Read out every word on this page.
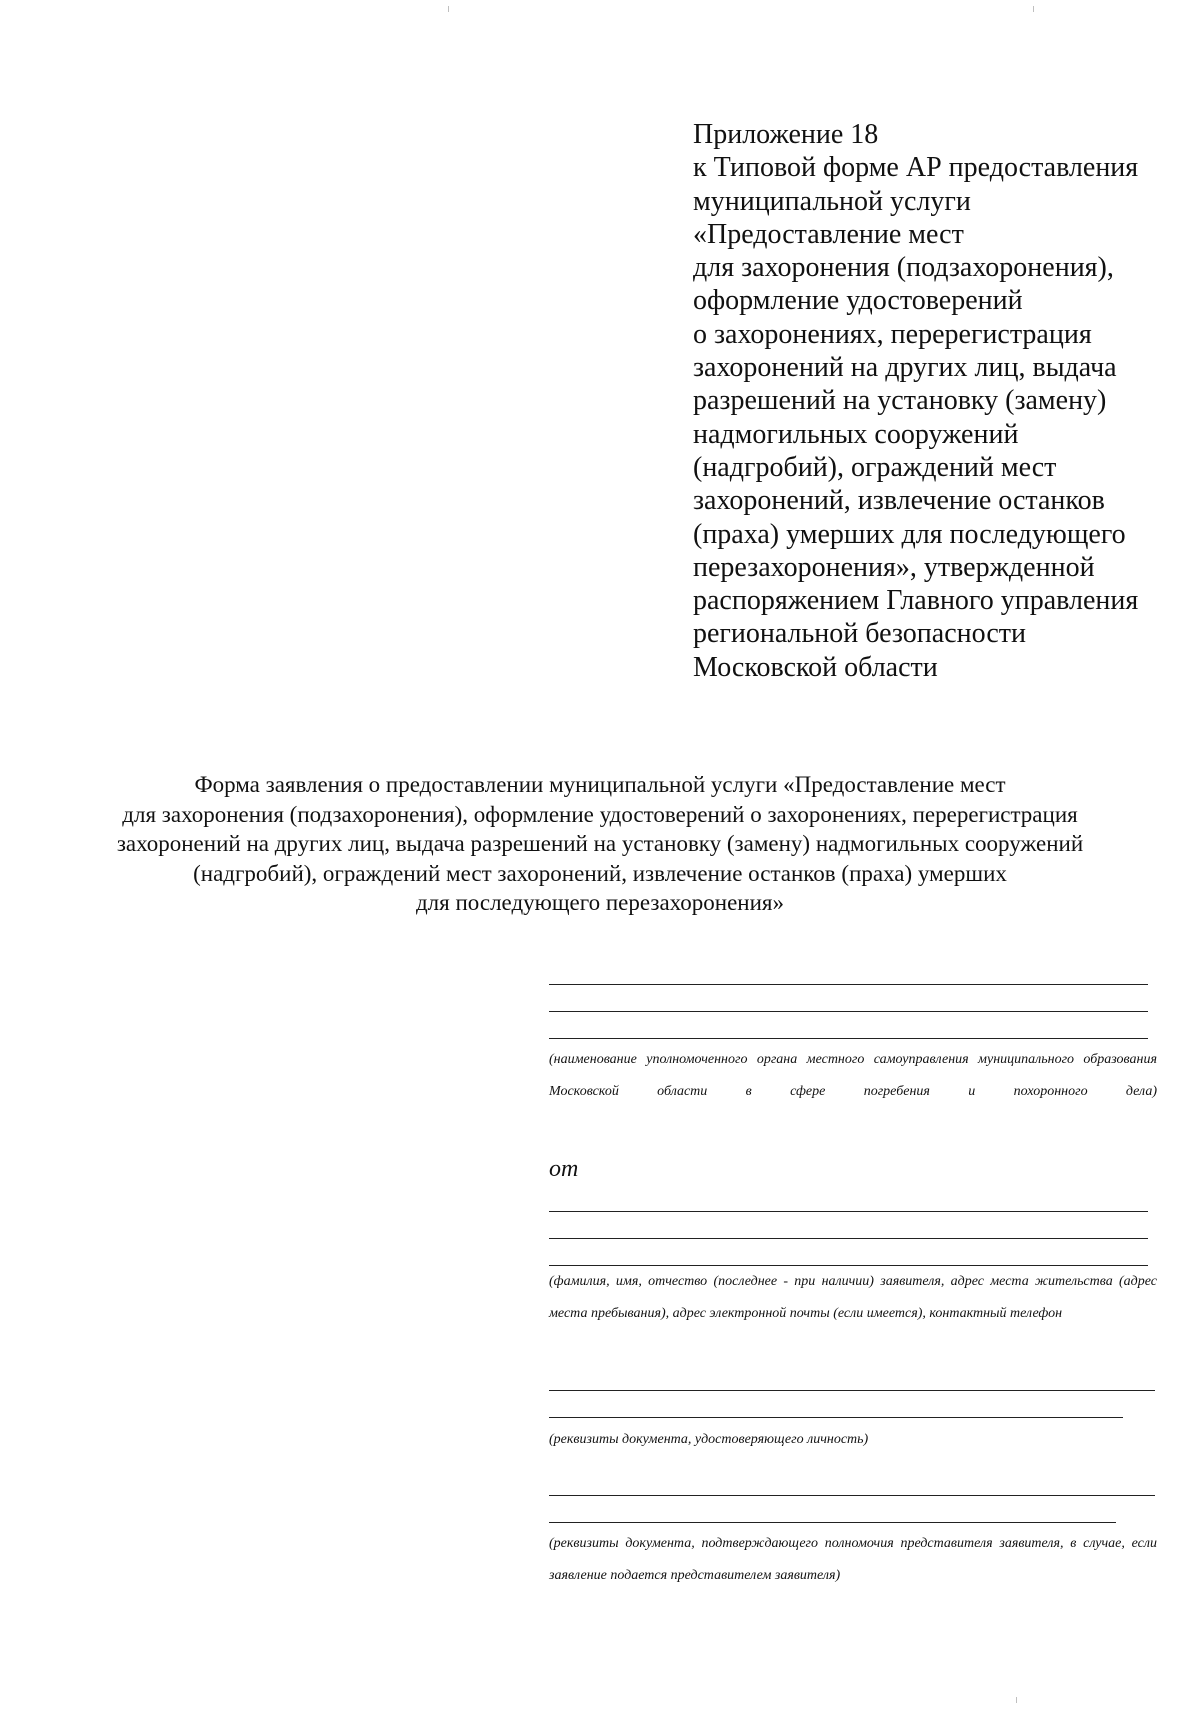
Приложение 18
к Типовой форме АР предоставления
муниципальной услуги
«Предоставление мест
для захоронения (подзахоронения),
оформление удостоверений
о захоронениях, перерегистрация
захоронений на других лиц, выдача
разрешений на установку (замену)
надмогильных сооружений
(надгробий), ограждений мест
захоронений, извлечение останков
(праха) умерших для последующего
перезахоронения», утвержденной
распоряжением Главного управления
региональной безопасности
Московской области
Форма заявления о предоставлении муниципальной услуги «Предоставление мест
для захоронения (подзахоронения), оформление удостоверений о захоронениях, перерегистрация
захоронений на других лиц, выдача разрешений на установку (замену) надмогильных сооружений
(надгробий), ограждений мест захоронений, извлечение останков (праха) умерших
для последующего перезахоронения»
(наименование уполномоченного органа местного самоуправления муниципального образования Московской области в сфере погребения и похоронного дела)
от
(фамилия, имя, отчество (последнее - при наличии) заявителя, адрес места жительства (адрес места пребывания), адрес электронной почты (если имеется), контактный телефон
(реквизиты документа, удостоверяющего личность)
(реквизиты документа, подтверждающего полномочия представителя заявителя, в случае, если заявление подается представителем заявителя)
